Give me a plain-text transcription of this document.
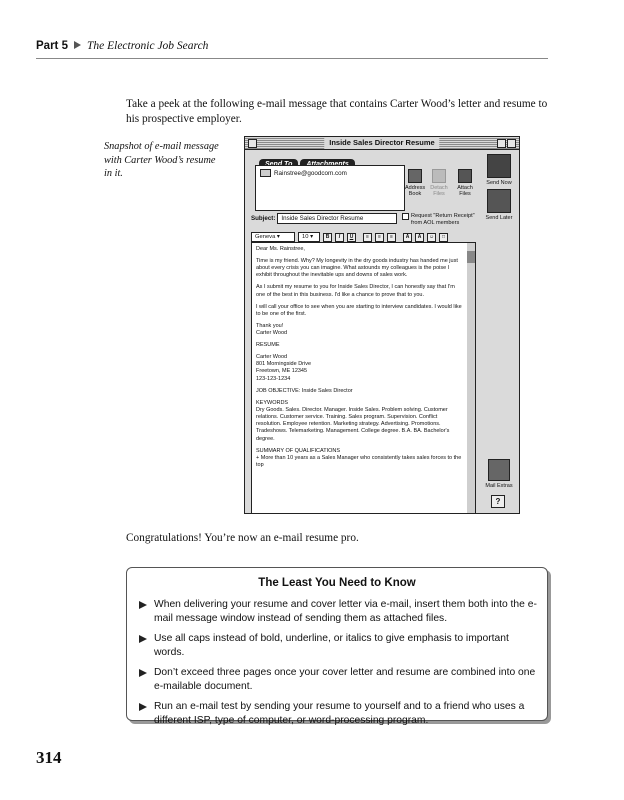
Part 5 The Electronic Job Search
Take a peek at the following e-mail message that contains Carter Wood’s letter and resume to his prospective employer.
Snapshot of e-mail message with Carter Wood’s resume in it.
Inside Sales Director Resume
Rainstree@goodcom.com
Address Book
Detach Files
Attach Files
Send Now
Send Later
Subject: Inside Sales Director Resume	Request "Return Receipt" from AOL members
Geneva ▾	10 ▾	B	I	U	≡	≡	≡	A	A	☺	□

Dear Ms. Rainstree,

Time is my friend. Why? My longevity in the dry goods industry has handed me just about every crisis you can imagine. What astounds my colleagues is the poise I exhibit throughout the inevitable ups and downs of sales work.

As I submit my resume to you for Inside Sales Director, I can honestly say that I'm one of the best in this business. I'd like a chance to prove that to you.

I will call your office to see when you are starting to interview candidates. I would like to be one of the first.

Thank you!
Carter Wood

RESUME

Carter Wood
801 Morningside Drive
Freetown, ME 12345
123-123-1234

JOB OBJECTIVE: Inside Sales Director

KEYWORDS
Dry Goods. Sales. Director. Manager. Inside Sales. Problem solving. Customer relations. Customer service. Training. Sales program. Supervision. Conflict resolution. Employee retention. Marketing strategy. Advertising. Promotions. Tradeshows. Telemarketing. Management. College degree. B.A. BA. Bachelor's degree.

SUMMARY OF QUALIFICATIONS
+ More than 10 years as a Sales Manager who consistently takes sales forces to the top

Mail Extras
?
Congratulations! You’re now an e-mail resume pro.
The Least You Need to Know
When delivering your resume and cover letter via e-mail, insert them both into the e-mail message window instead of sending them as attached files.
Use all caps instead of bold, underline, or italics to give emphasis to important words.
Don’t exceed three pages once your cover letter and resume are combined into one e-mailable document.
Run an e-mail test by sending your resume to yourself and to a friend who uses a different ISP, type of computer, or word-processing program.
314
